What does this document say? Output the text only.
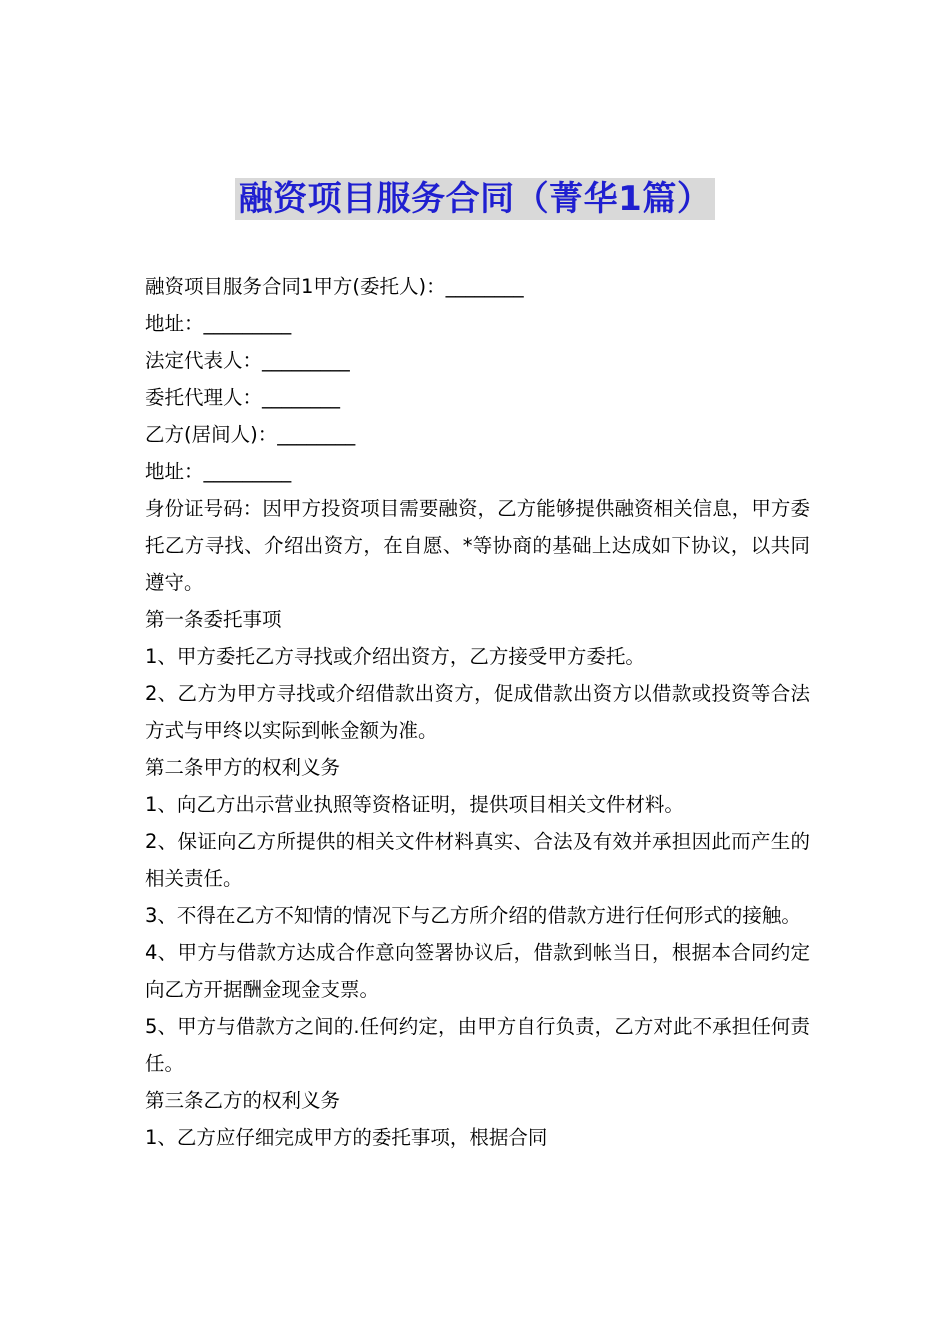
融资项目服务合同（菁华1篇）

融资项目服务合同1甲方(委托人)：________

地址：_________

法定代表人：_________

委托代理人：________

乙方(居间人)：________

地址：_________

身份证号码：因甲方投资项目需要融资，乙方能够提供融资相关信息，甲方委托乙方寻找、介绍出资方，在自愿、*等协商的基础上达成如下协议，以共同遵守。

第一条委托事项

1、甲方委托乙方寻找或介绍出资方，乙方接受甲方委托。

2、乙方为甲方寻找或介绍借款出资方，促成借款出资方以借款或投资等合法方式与甲终以实际到帐金额为准。

第二条甲方的权利义务

1、向乙方出示营业执照等资格证明，提供项目相关文件材料。

2、保证向乙方所提供的相关文件材料真实、合法及有效并承担因此而产生的相关责任。

3、不得在乙方不知情的情况下与乙方所介绍的借款方进行任何形式的接触。

4、甲方与借款方达成合作意向签署协议后，借款到帐当日，根据本合同约定向乙方开据酬金现金支票。

5、甲方与借款方之间的.任何约定，由甲方自行负责，乙方对此不承担任何责任。

第三条乙方的权利义务

1、乙方应仔细完成甲方的委托事项，根据合同
